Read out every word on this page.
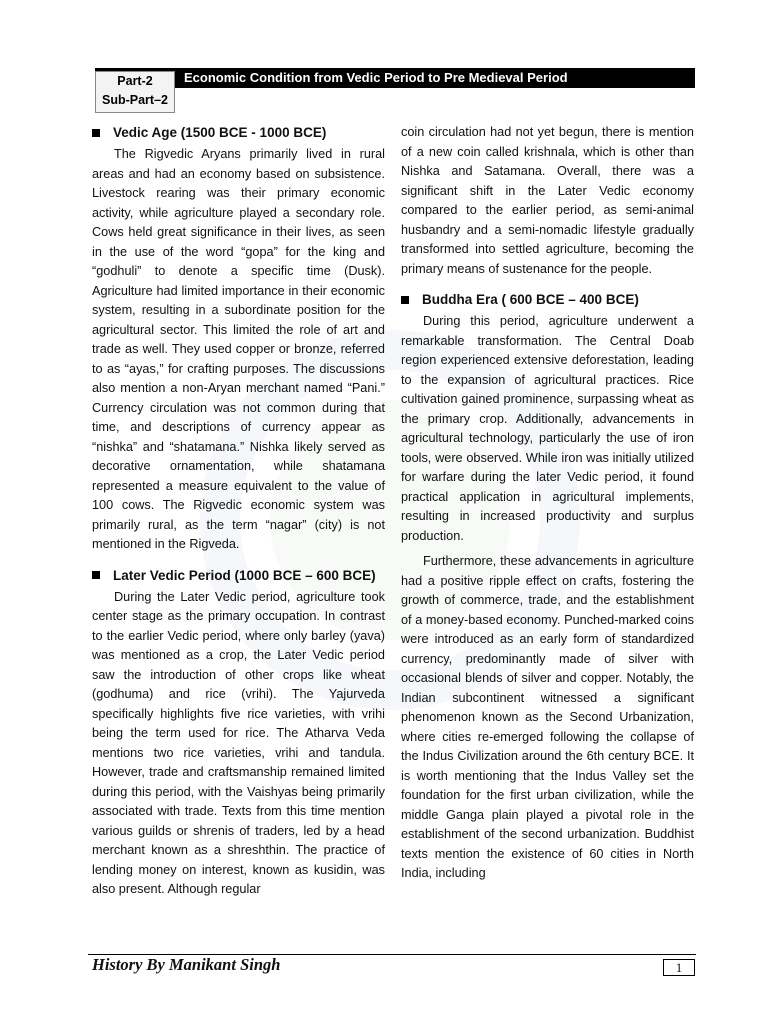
Part-2
Sub-Part–2
Economic Condition from Vedic Period to Pre Medieval Period
Vedic Age (1500 BCE - 1000 BCE)

The Rigvedic Aryans primarily lived in rural areas and had an economy based on subsistence. Livestock rearing was their primary economic activity, while agriculture played a secondary role. Cows held great significance in their lives, as seen in the use of the word “gopa” for the king and “godhuli” to denote a specific time (Dusk). Agriculture had limited importance in their economic system, resulting in a subordinate position for the agricultural sector. This limited the role of art and trade as well. They used copper or bronze, referred to as “ayas,” for crafting purposes. The discussions also mention a non-Aryan merchant named “Pani.” Currency circulation was not common during that time, and descriptions of currency appear as “nishka” and “shatamana.” Nishka likely served as decorative ornamentation, while shatamana represented a measure equivalent to the value of 100 cows. The Rigvedic economic system was primarily rural, as the term “nagar” (city) is not mentioned in the Rigveda.

Later Vedic Period (1000 BCE – 600 BCE)

During the Later Vedic period, agriculture took center stage as the primary occupation. In contrast to the earlier Vedic period, where only barley (yava) was mentioned as a crop, the Later Vedic period saw the introduction of other crops like wheat (godhuma) and rice (vrihi). The Yajurveda specifically highlights five rice varieties, with vrihi being the term used for rice. The Atharva Veda mentions two rice varieties, vrihi and tandula. However, trade and craftsmanship remained limited during this period, with the Vaishyas being primarily associated with trade. Texts from this time mention various guilds or shrenis of traders, led by a head merchant known as a shreshthin. The practice of lending money on interest, known as kusidin, was also present. Although regular

coin circulation had not yet begun, there is mention of a new coin called krishnala, which is other than Nishka and Satamana. Overall, there was a significant shift in the Later Vedic economy compared to the earlier period, as semi-animal husbandry and a semi-nomadic lifestyle gradually transformed into settled agriculture, becoming the primary means of sustenance for the people.

Buddha Era ( 600 BCE – 400 BCE)

During this period, agriculture underwent a remarkable transformation. The Central Doab region experienced extensive deforestation, leading to the expansion of agricultural practices. Rice cultivation gained prominence, surpassing wheat as the primary crop. Additionally, advancements in agricultural technology, particularly the use of iron tools, were observed. While iron was initially utilized for warfare during the later Vedic period, it found practical application in agricultural implements, resulting in increased productivity and surplus production.

Furthermore, these advancements in agriculture had a positive ripple effect on crafts, fostering the growth of commerce, trade, and the establishment of a money-based economy. Punched-marked coins were introduced as an early form of standardized currency, predominantly made of silver with occasional blends of silver and copper. Notably, the Indian subcontinent witnessed a significant phenomenon known as the Second Urbanization, where cities re-emerged following the collapse of the Indus Civilization around the 6th century BCE. It is worth mentioning that the Indus Valley set the foundation for the first urban civilization, while the middle Ganga plain played a pivotal role in the establishment of the second urbanization. Buddhist texts mention the existence of 60 cities in North India, including

History By Manikant Singh	1
